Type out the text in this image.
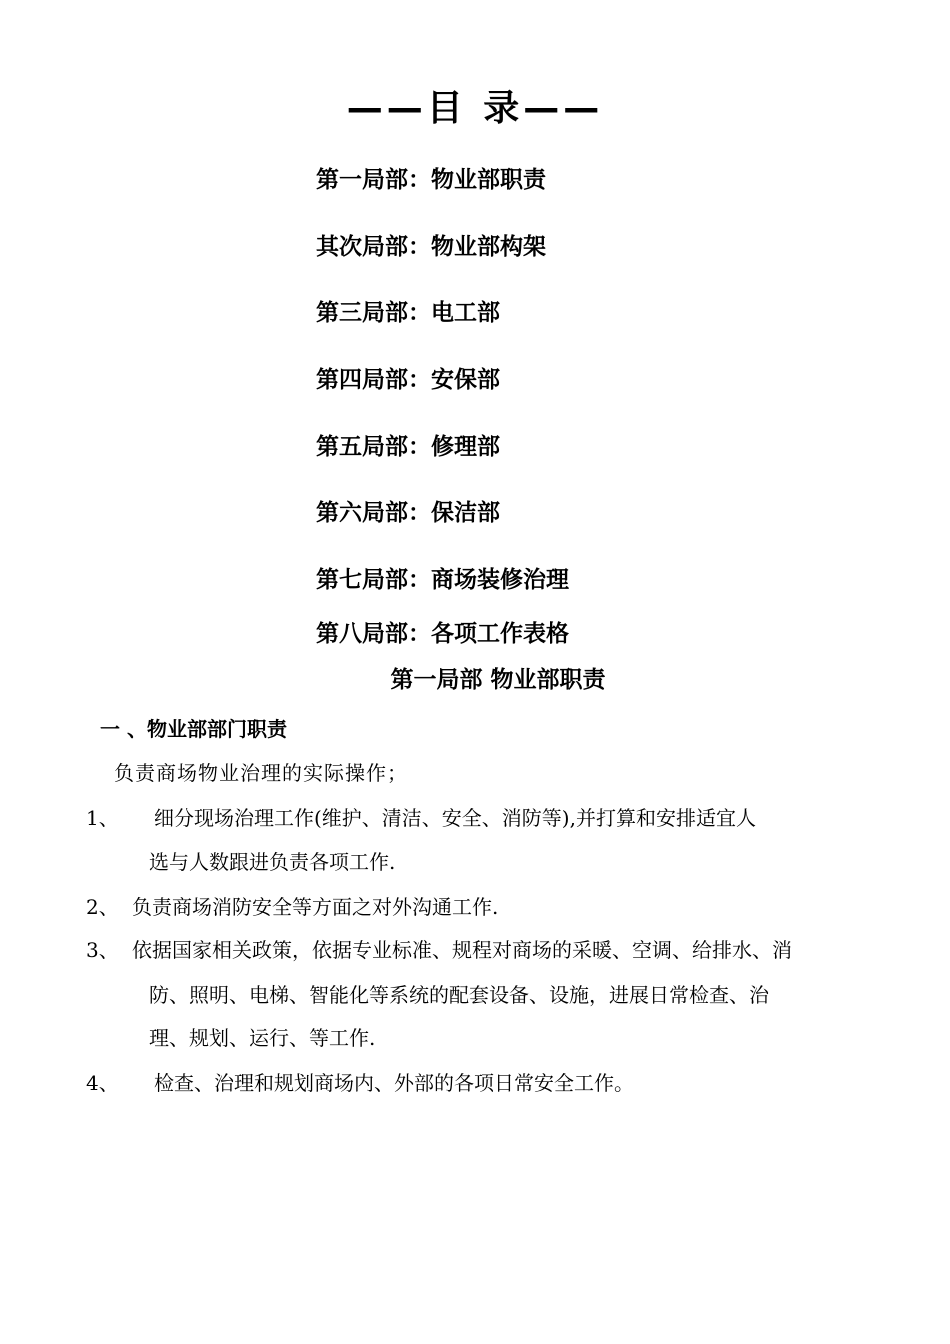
——目 录——
第一局部：物业部职责
其次局部：物业部构架
第三局部：电工部
第四局部：安保部
第五局部：修理部
第六局部：保洁部
第七局部：商场装修治理
第八局部：各项工作表格
第一局部 物业部职责
一 、物业部部门职责
负责商场物业治理的实际操作；
1、 细分现场治理工作(维护、清洁、安全、消防等),并打算和安排适宜人
选与人数跟进负责各项工作.
2、 负责商场消防安全等方面之对外沟通工作.
3、 依据国家相关政策，依据专业标准、规程对商场的采暖、空调、给排水、消
防、照明、电梯、智能化等系统的配套设备、设施，进展日常检查、治
理、规划、运行、等工作.
4、 检查、治理和规划商场内、外部的各项日常安全工作。
